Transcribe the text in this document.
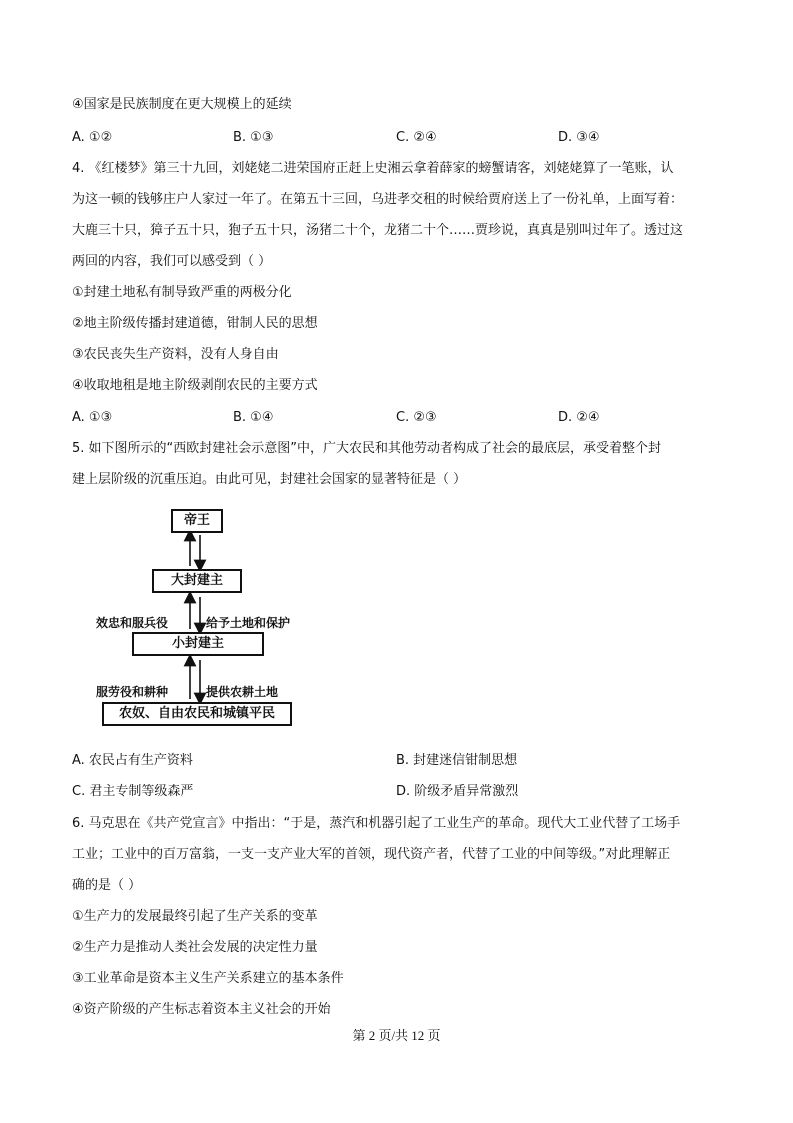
④国家是民族制度在更大规模上的延续
A. ①②	B. ①③	C. ②④	D. ③④
4. 《红楼梦》第三十九回，刘姥姥二进荣国府正赶上史湘云拿着薛家的螃蟹请客，刘姥姥算了一笔账，认
为这一顿的钱够庄户人家过一年了。在第五十三回，乌进孝交租的时候给贾府送上了一份礼单，上面写着：
大鹿三十只，獐子五十只，狍子五十只，汤猪二十个，龙猪二十个……贾珍说，真真是别叫过年了。透过这
两回的内容，我们可以感受到（ ）
①封建土地私有制导致严重的两极分化
②地主阶级传播封建道德，钳制人民的思想
③农民丧失生产资料，没有人身自由
④收取地租是地主阶级剥削农民的主要方式
A. ①③	B. ①④	C. ②③	D. ②④
5. 如下图所示的“西欧封建社会示意图”中，广大农民和其他劳动者构成了社会的最底层，承受着整个封
建上层阶级的沉重压迫。由此可见，封建社会国家的显著特征是（ ）
帝王
大封建主
小封建主
农奴、自由农民和城镇平民
效忠和服兵役	给予土地和保护
服劳役和耕种	提供农耕土地
A. 农民占有生产资料	B. 封建迷信钳制思想
C. 君主专制等级森严	D. 阶级矛盾异常激烈
6. 马克思在《共产党宣言》中指出：“于是，蒸汽和机器引起了工业生产的革命。现代大工业代替了工场手
工业；工业中的百万富翁，一支一支产业大军的首领，现代资产者，代替了工业的中间等级。”对此理解正
确的是（ ）
①生产力的发展最终引起了生产关系的变革
②生产力是推动人类社会发展的决定性力量
③工业革命是资本主义生产关系建立的基本条件
④资产阶级的产生标志着资本主义社会的开始
第 2 页/共 12 页
